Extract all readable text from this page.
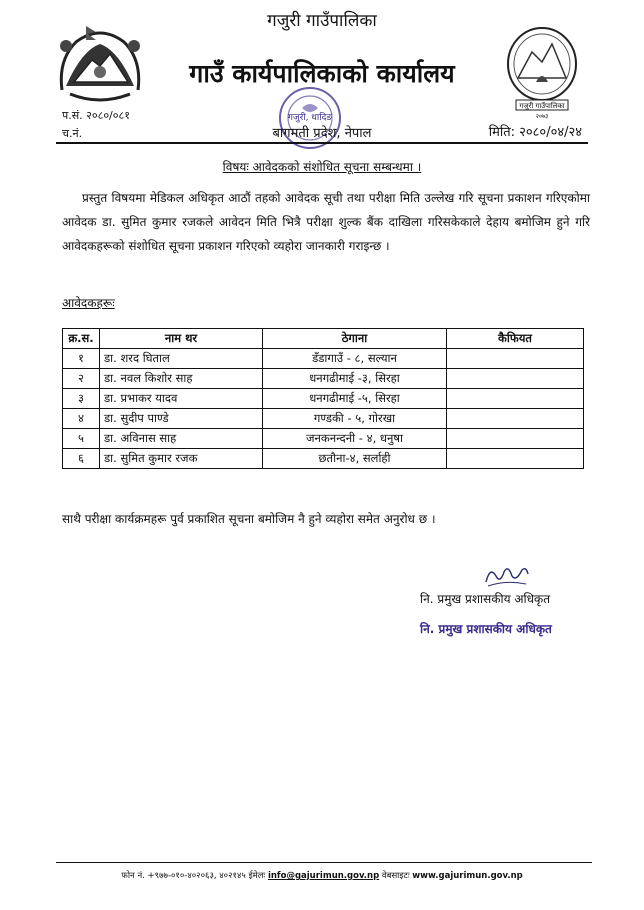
प.सं. २०८०/०८१
च.नं.
गजुरी गाउँपालिका
गाउँ कार्यपालिकाको कार्यालय
गजुरी, धादिङ
बागमती प्रदेश, नेपाल	मिति: २०८०/०४/२४
गजुरी गाउँपालिका
२०७३
विषयः आवेदकको संशोधित सूचना सम्बन्धमा ।
प्रस्तुत विषयमा मेडिकल अधिकृत आठौं तहको आवेदक सूची तथा परीक्षा मिति उल्लेख गरि सूचना प्रकाशन गरिएकोमा आवेदक डा. सुमित कुमार रजकले आवेदन मिति भित्रै परीक्षा शुल्क बैंक दाखिला गरिसकेकाले देहाय बमोजिम हुने गरि आवेदकहरूको संशोधित सूचना प्रकाशन गरिएको व्यहोरा जानकारी गराइन्छ ।
आवेदकहरूः
क्र.स.	नाम थर	ठेगाना	कैफियत
१	डा. शरद घिताल	डँडागाउँ - ८, सल्यान	
२	डा. नवल किशोर साह	धनगढीमाई -३, सिरहा	
३	डा. प्रभाकर यादव	धनगढीमाई -५, सिरहा	
४	डा. सुदीप पाण्डे	गण्डकी - ५, गोरखा	
५	डा. अविनास साह	जनकनन्दनी - ४, धनुषा	
६	डा. सुमित कुमार रजक	छतौना-४, सर्लाही	
साथै परीक्षा कार्यक्रमहरू पुर्व प्रकाशित सूचना बमोजिम नै हुने व्यहोरा समेत अनुरोध छ ।
नि. प्रमुख प्रशासकीय अधिकृत
नि. प्रमुख प्रशासकीय अधिकृत
फोन नं. +९७७-०१०-४०२०६३, ४०२१४५ ईमेलः info@gajurimun.gov.np वेबसाइटः www.gajurimun.gov.np
